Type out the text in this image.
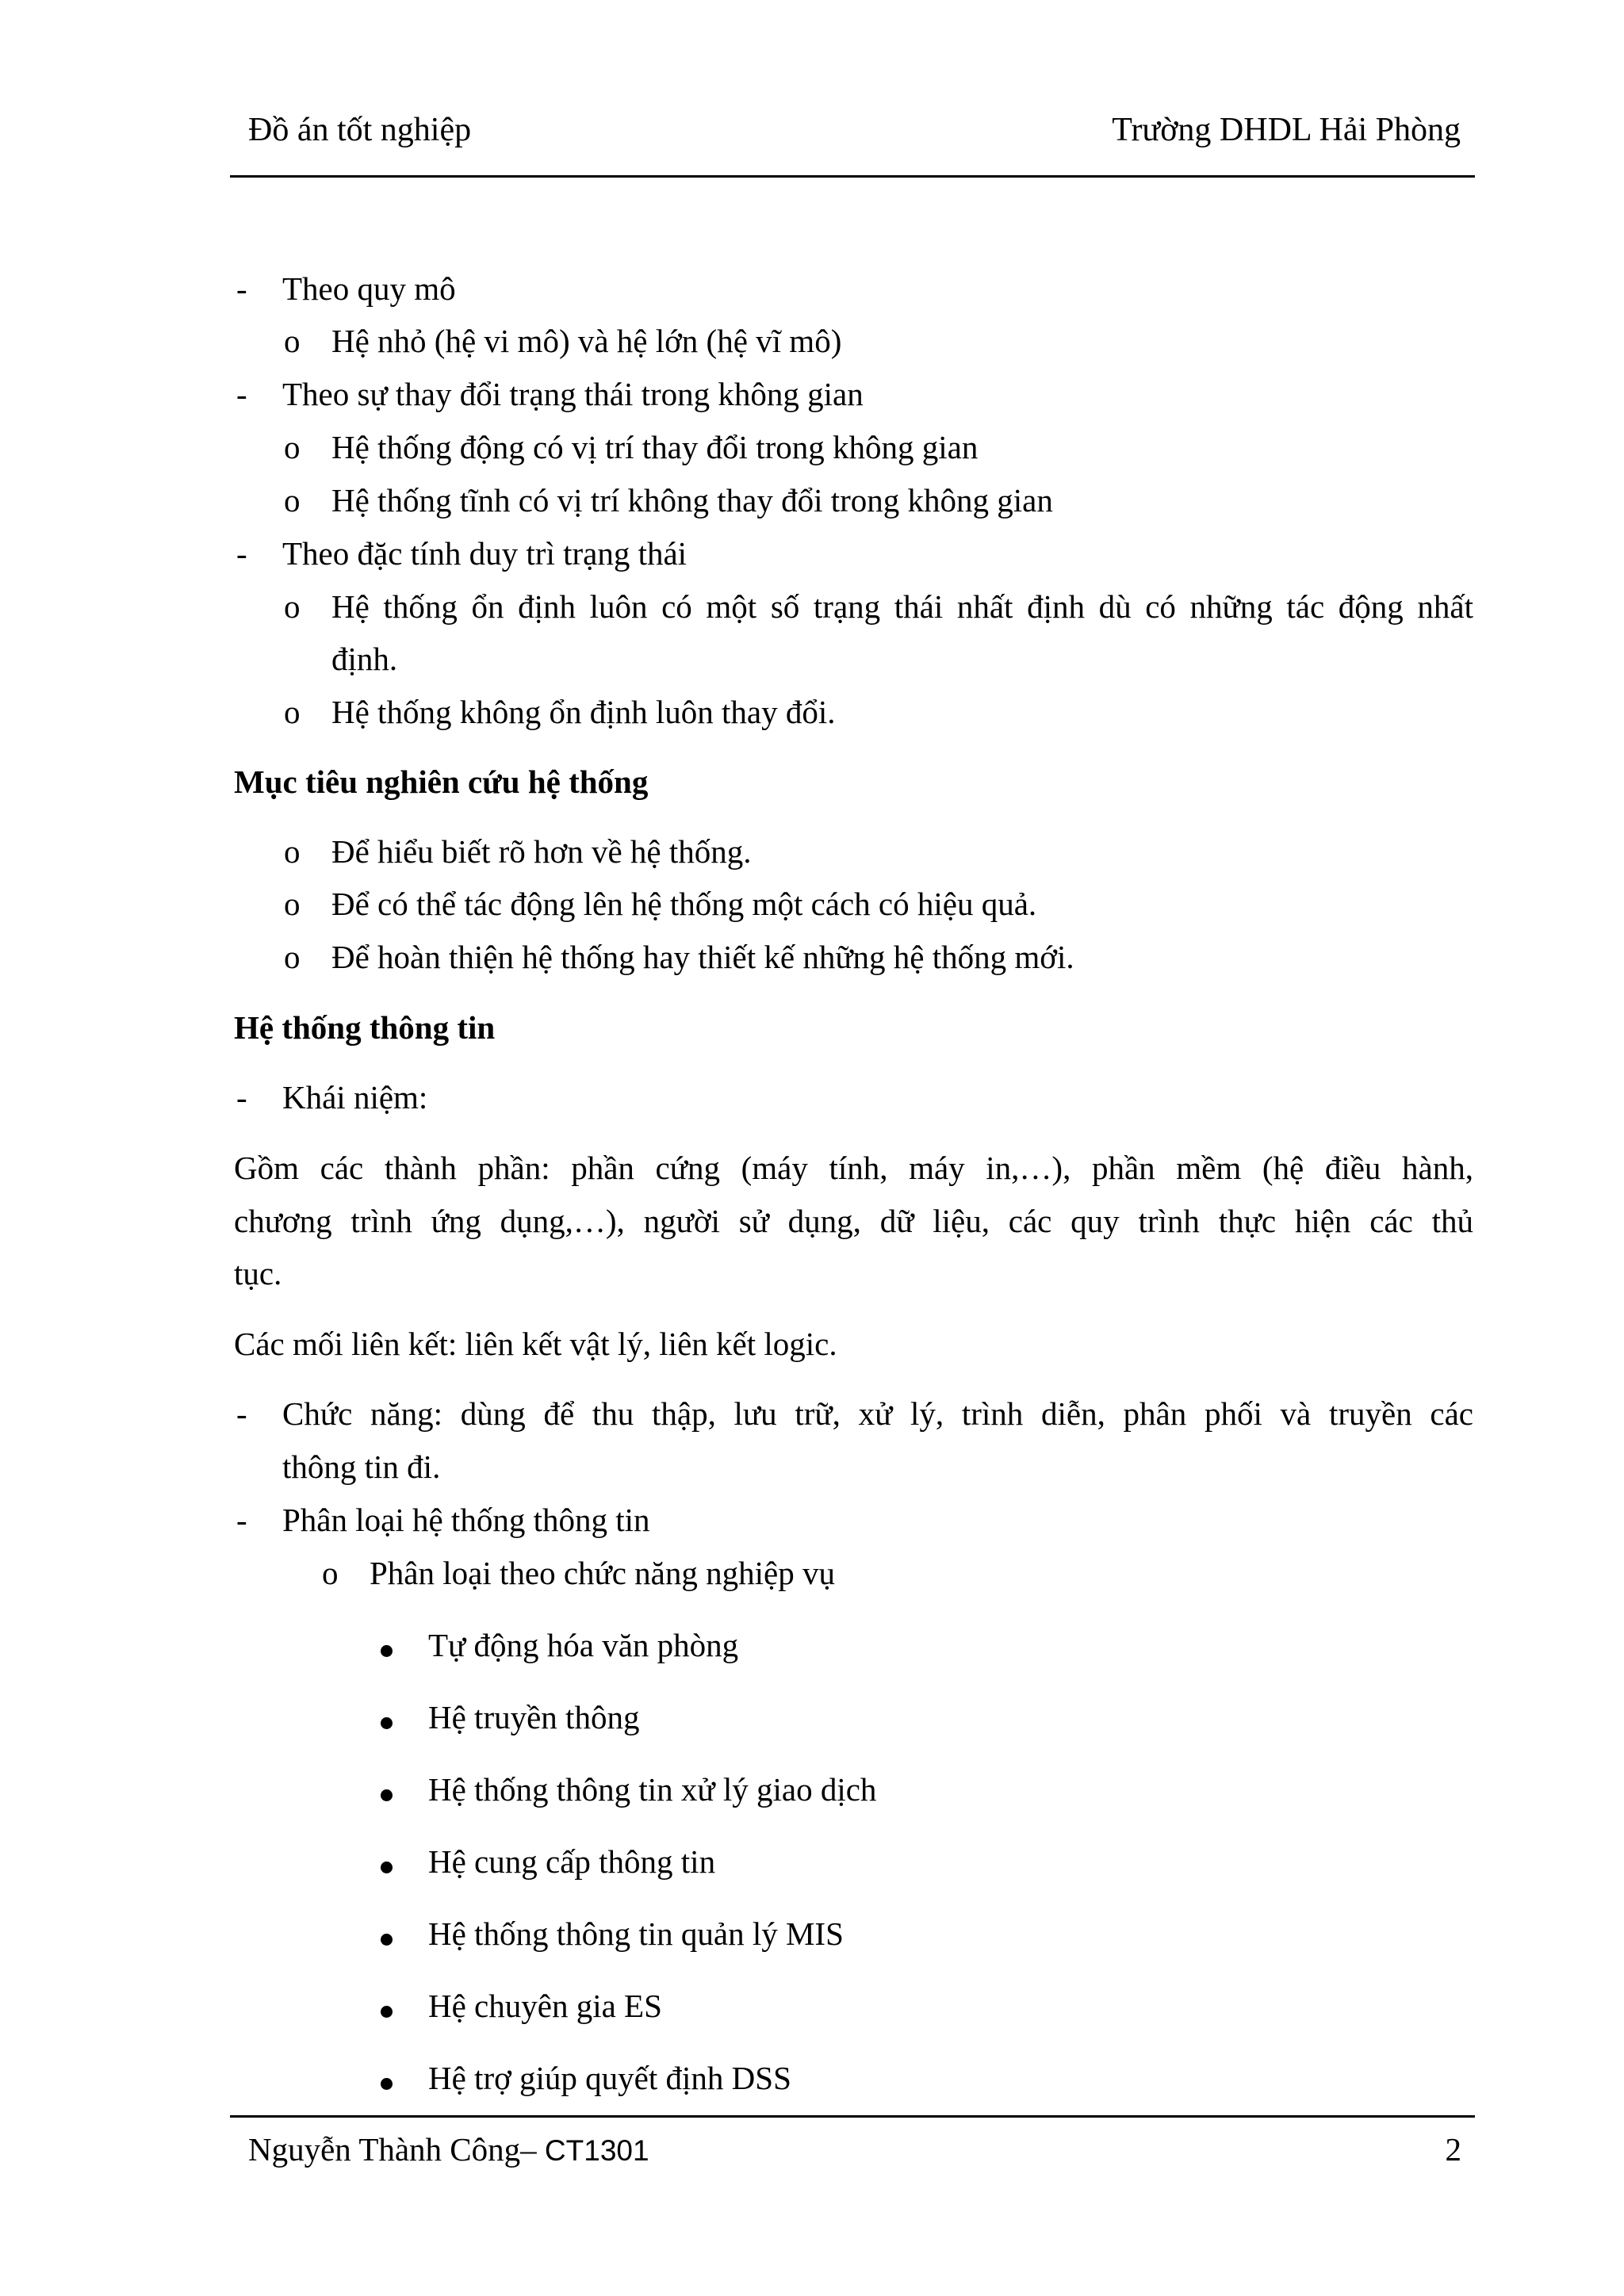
Đồ án tốt nghiệp	Trường DHDL Hải Phòng
- Theo quy mô
o Hệ nhỏ (hệ vi mô) và hệ lớn (hệ vĩ mô)
- Theo sự thay đổi trạng thái trong không gian
o Hệ thống động có vị trí thay đổi trong không gian
o Hệ thống tĩnh có vị trí không thay đổi trong không gian
- Theo đặc tính duy trì trạng thái
o Hệ thống ổn định luôn có một số trạng thái nhất định dù có những tác động nhất
định.
o Hệ thống không ổn định luôn thay đổi.
Mục tiêu nghiên cứu hệ thống
o Để hiểu biết rõ hơn về hệ thống.
o Để có thể tác động lên hệ thống một cách có hiệu quả.
o Để hoàn thiện hệ thống hay thiết kế những hệ thống mới.
Hệ thống thông tin
- Khái niệm:
Gồm các thành phần: phần cứng (máy tính, máy in,…), phần mềm (hệ điều hành,
chương trình ứng dụng,…), người sử dụng, dữ liệu, các quy trình thực hiện các thủ
tục.
Các mối liên kết: liên kết vật lý, liên kết logic.
- Chức năng: dùng để thu thập, lưu trữ, xử lý, trình diễn, phân phối và truyền các
thông tin đi.
- Phân loại hệ thống thông tin
o Phân loại theo chức năng nghiệp vụ
Tự động hóa văn phòng
Hệ truyền thông
Hệ thống thông tin xử lý giao dịch
Hệ cung cấp thông tin
Hệ thống thông tin quản lý MIS
Hệ chuyên gia ES
Hệ trợ giúp quyết định DSS
Nguyễn Thành Công– CT1301	2
